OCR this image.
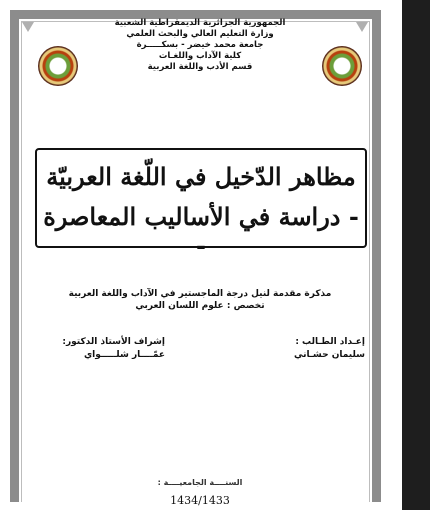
الجمهورية الجزائرية الديمقراطية الشعبية
وزارة التعليم العالي والبحث العلمي
جامعة محمد خيضر - بسكـــــرة
كلية الآداب واللغـات
قسم الأدب واللغة العربية
مظاهر الدّخيل في اللّغة العربيّة
- دراسة في الأساليب المعاصرة -
مذكرة مقدمة لنيل درجة الماجستير في الآداب واللغة العربية
تخصص : علوم اللسان العربي
إعـداد الطـالب :
سليمان حشـاني
إشراف الأستاذ الدكتور:
عمّــــار شلـــــواي
السنــــة الجامعيــــة :
1434/1433
